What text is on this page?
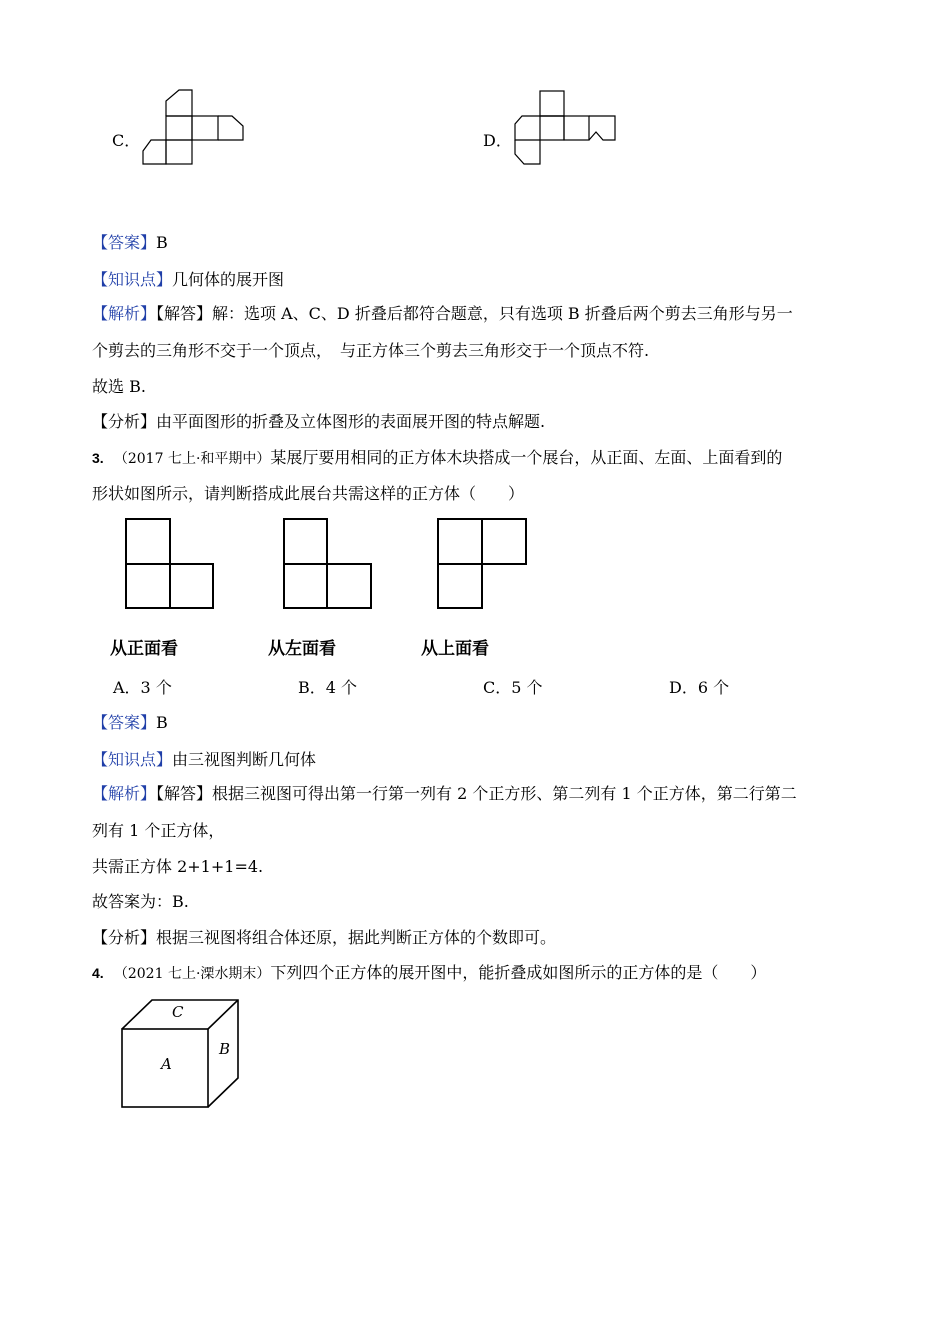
C．	D．
【答案】B
【知识点】几何体的展开图
【解析】【解答】解：选项 A、C、D 折叠后都符合题意，只有选项 B 折叠后两个剪去三角形与另一
个剪去的三角形不交于一个顶点，　与正方体三个剪去三角形交于一个顶点不符.
故选 B.
【分析】由平面图形的折叠及立体图形的表面展开图的特点解题.
3. （2017 七上·和平期中）某展厅要用相同的正方体木块搭成一个展台，从正面、左面、上面看到的
形状如图所示，请判断搭成此展台共需这样的正方体（　　）
从正面看	从左面看	从上面看
A．3 个	B．4 个	C．5 个	D．6 个
【答案】B
【知识点】由三视图判断几何体
【解析】【解答】根据三视图可得出第一行第一列有 2 个正方形、第二列有 1 个正方体，第二行第二
列有 1 个正方体，
共需正方体 2+1+1=4.
故答案为：B.
【分析】根据三视图将组合体还原，据此判断正方体的个数即可。
4. （2021 七上·溧水期末）下列四个正方体的展开图中，能折叠成如图所示的正方体的是（　　）
C
A
B
